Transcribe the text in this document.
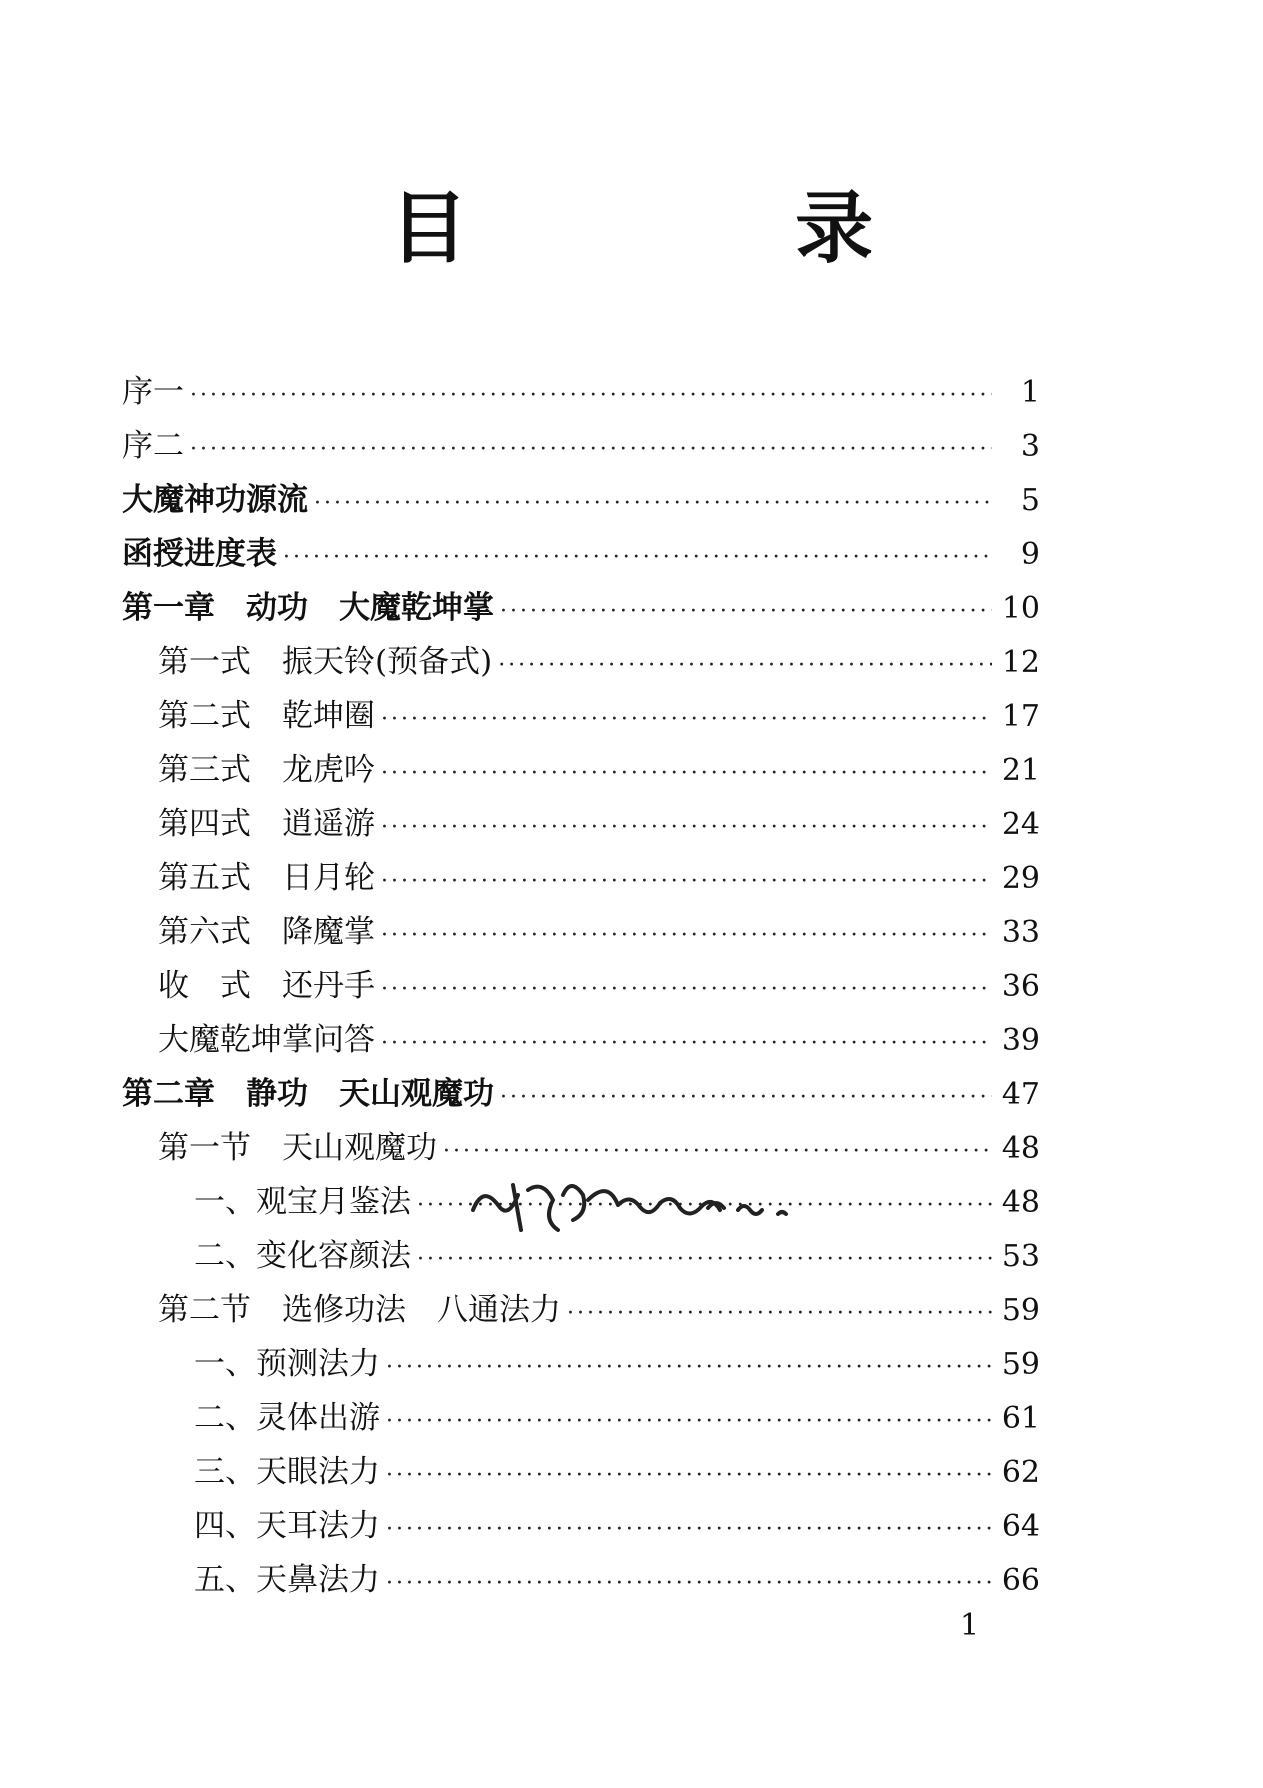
目 录
序一 ·····	1
序二 ·····	3
大魔神功源流 ·····	5
函授进度表 ·····	9
第一章　动功　大魔乾坤掌 ·····	10
第一式　振天铃(预备式) ·····	12
第二式　乾坤圈 ·····	17
第三式　龙虎吟 ·····	21
第四式　逍遥游 ·····	24
第五式　日月轮 ·····	29
第六式　降魔掌 ·····	33
收　式　还丹手 ·····	36
大魔乾坤掌问答 ·····	39
第二章　静功　天山观魔功 ·····	47
第一节　天山观魔功 ·····	48
一、观宝月鉴法 ·····	48
二、变化容颜法 ·····	53
第二节　选修功法　八通法力 ·····	59
一、预测法力 ·····	59
二、灵体出游 ·····	61
三、天眼法力 ·····	62
四、天耳法力 ·····	64
五、天鼻法力 ·····	66
1
